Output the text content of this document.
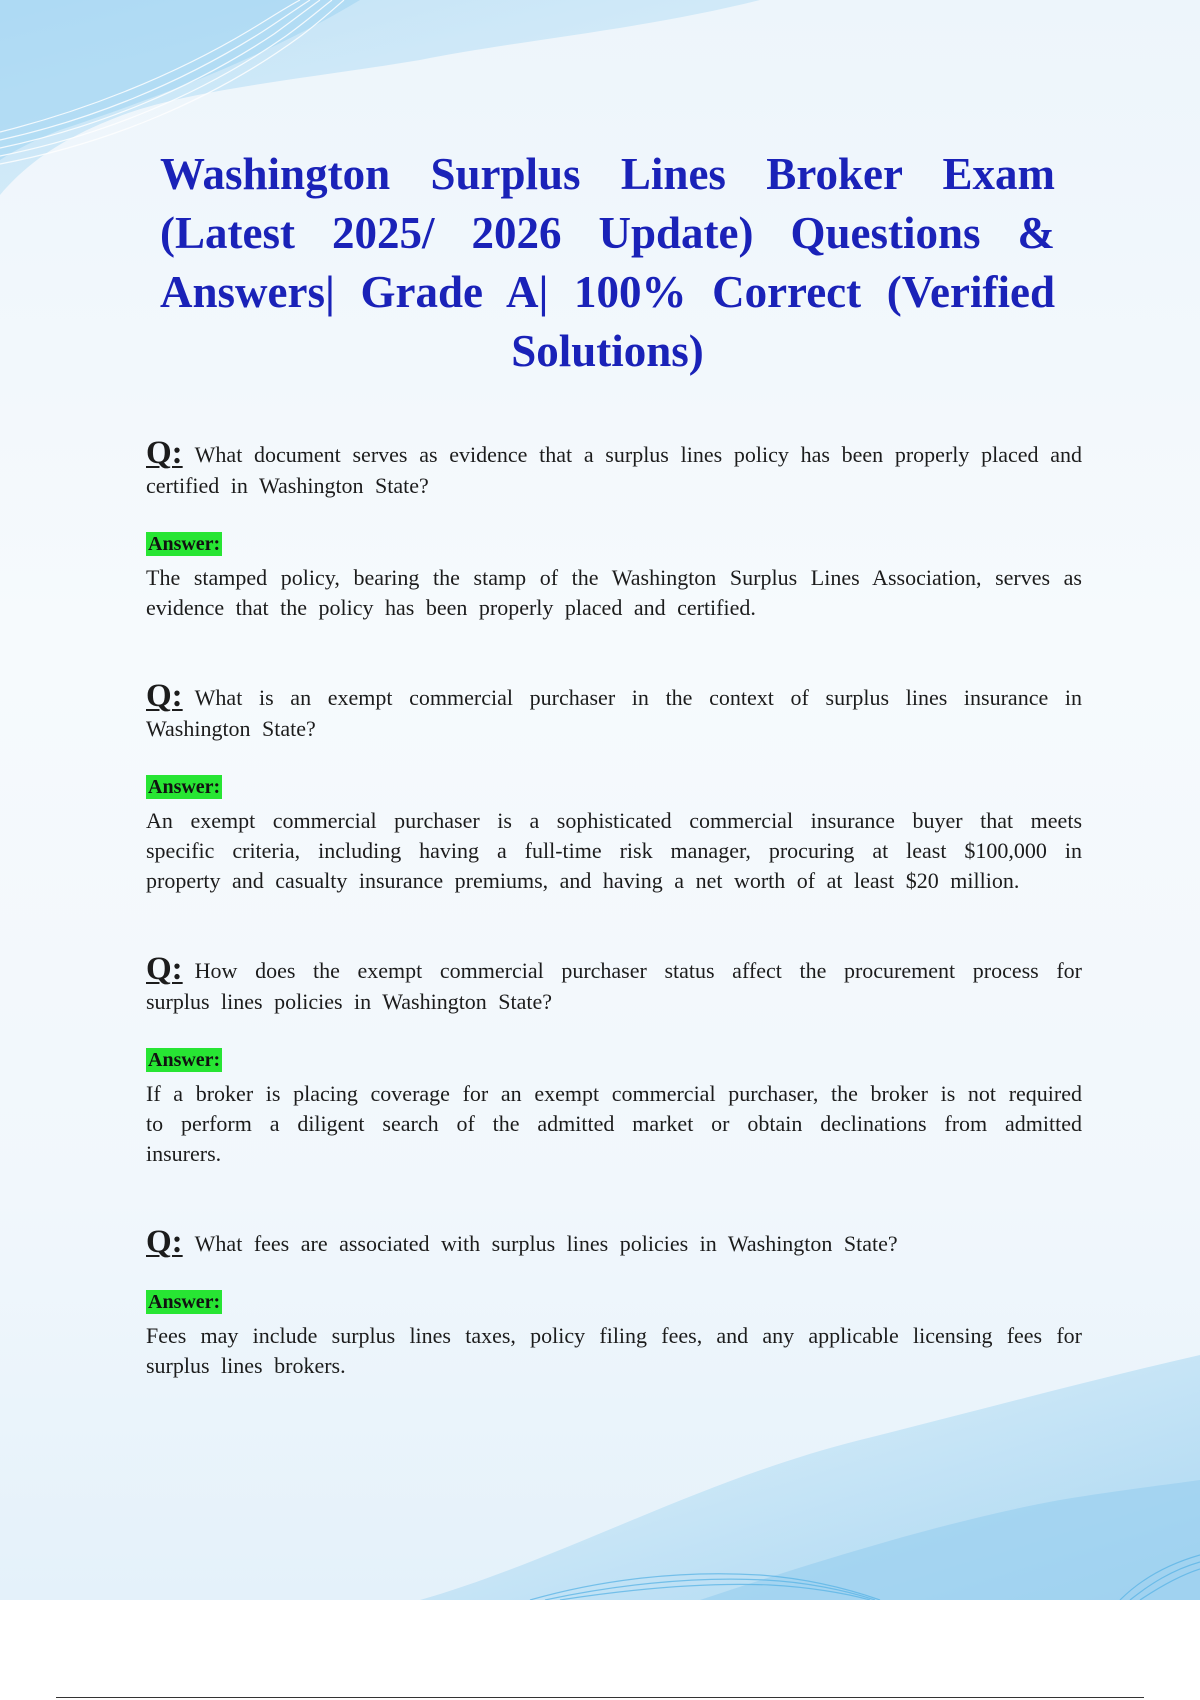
Washington Surplus Lines Broker Exam (Latest 2025/ 2026 Update) Questions & Answers| Grade A| 100% Correct (Verified Solutions)

Q: What document serves as evidence that a surplus lines policy has been properly placed and certified in Washington State?

Answer:

The stamped policy, bearing the stamp of the Washington Surplus Lines Association, serves as evidence that the policy has been properly placed and certified.

Q: What is an exempt commercial purchaser in the context of surplus lines insurance in Washington State?

Answer:

An exempt commercial purchaser is a sophisticated commercial insurance buyer that meets specific criteria, including having a full-time risk manager, procuring at least $100,000 in property and casualty insurance premiums, and having a net worth of at least $20 million.

Q: How does the exempt commercial purchaser status affect the procurement process for surplus lines policies in Washington State?

Answer:

If a broker is placing coverage for an exempt commercial purchaser, the broker is not required to perform a diligent search of the admitted market or obtain declinations from admitted insurers.

Q: What fees are associated with surplus lines policies in Washington State?

Answer:

Fees may include surplus lines taxes, policy filing fees, and any applicable licensing fees for surplus lines brokers.
